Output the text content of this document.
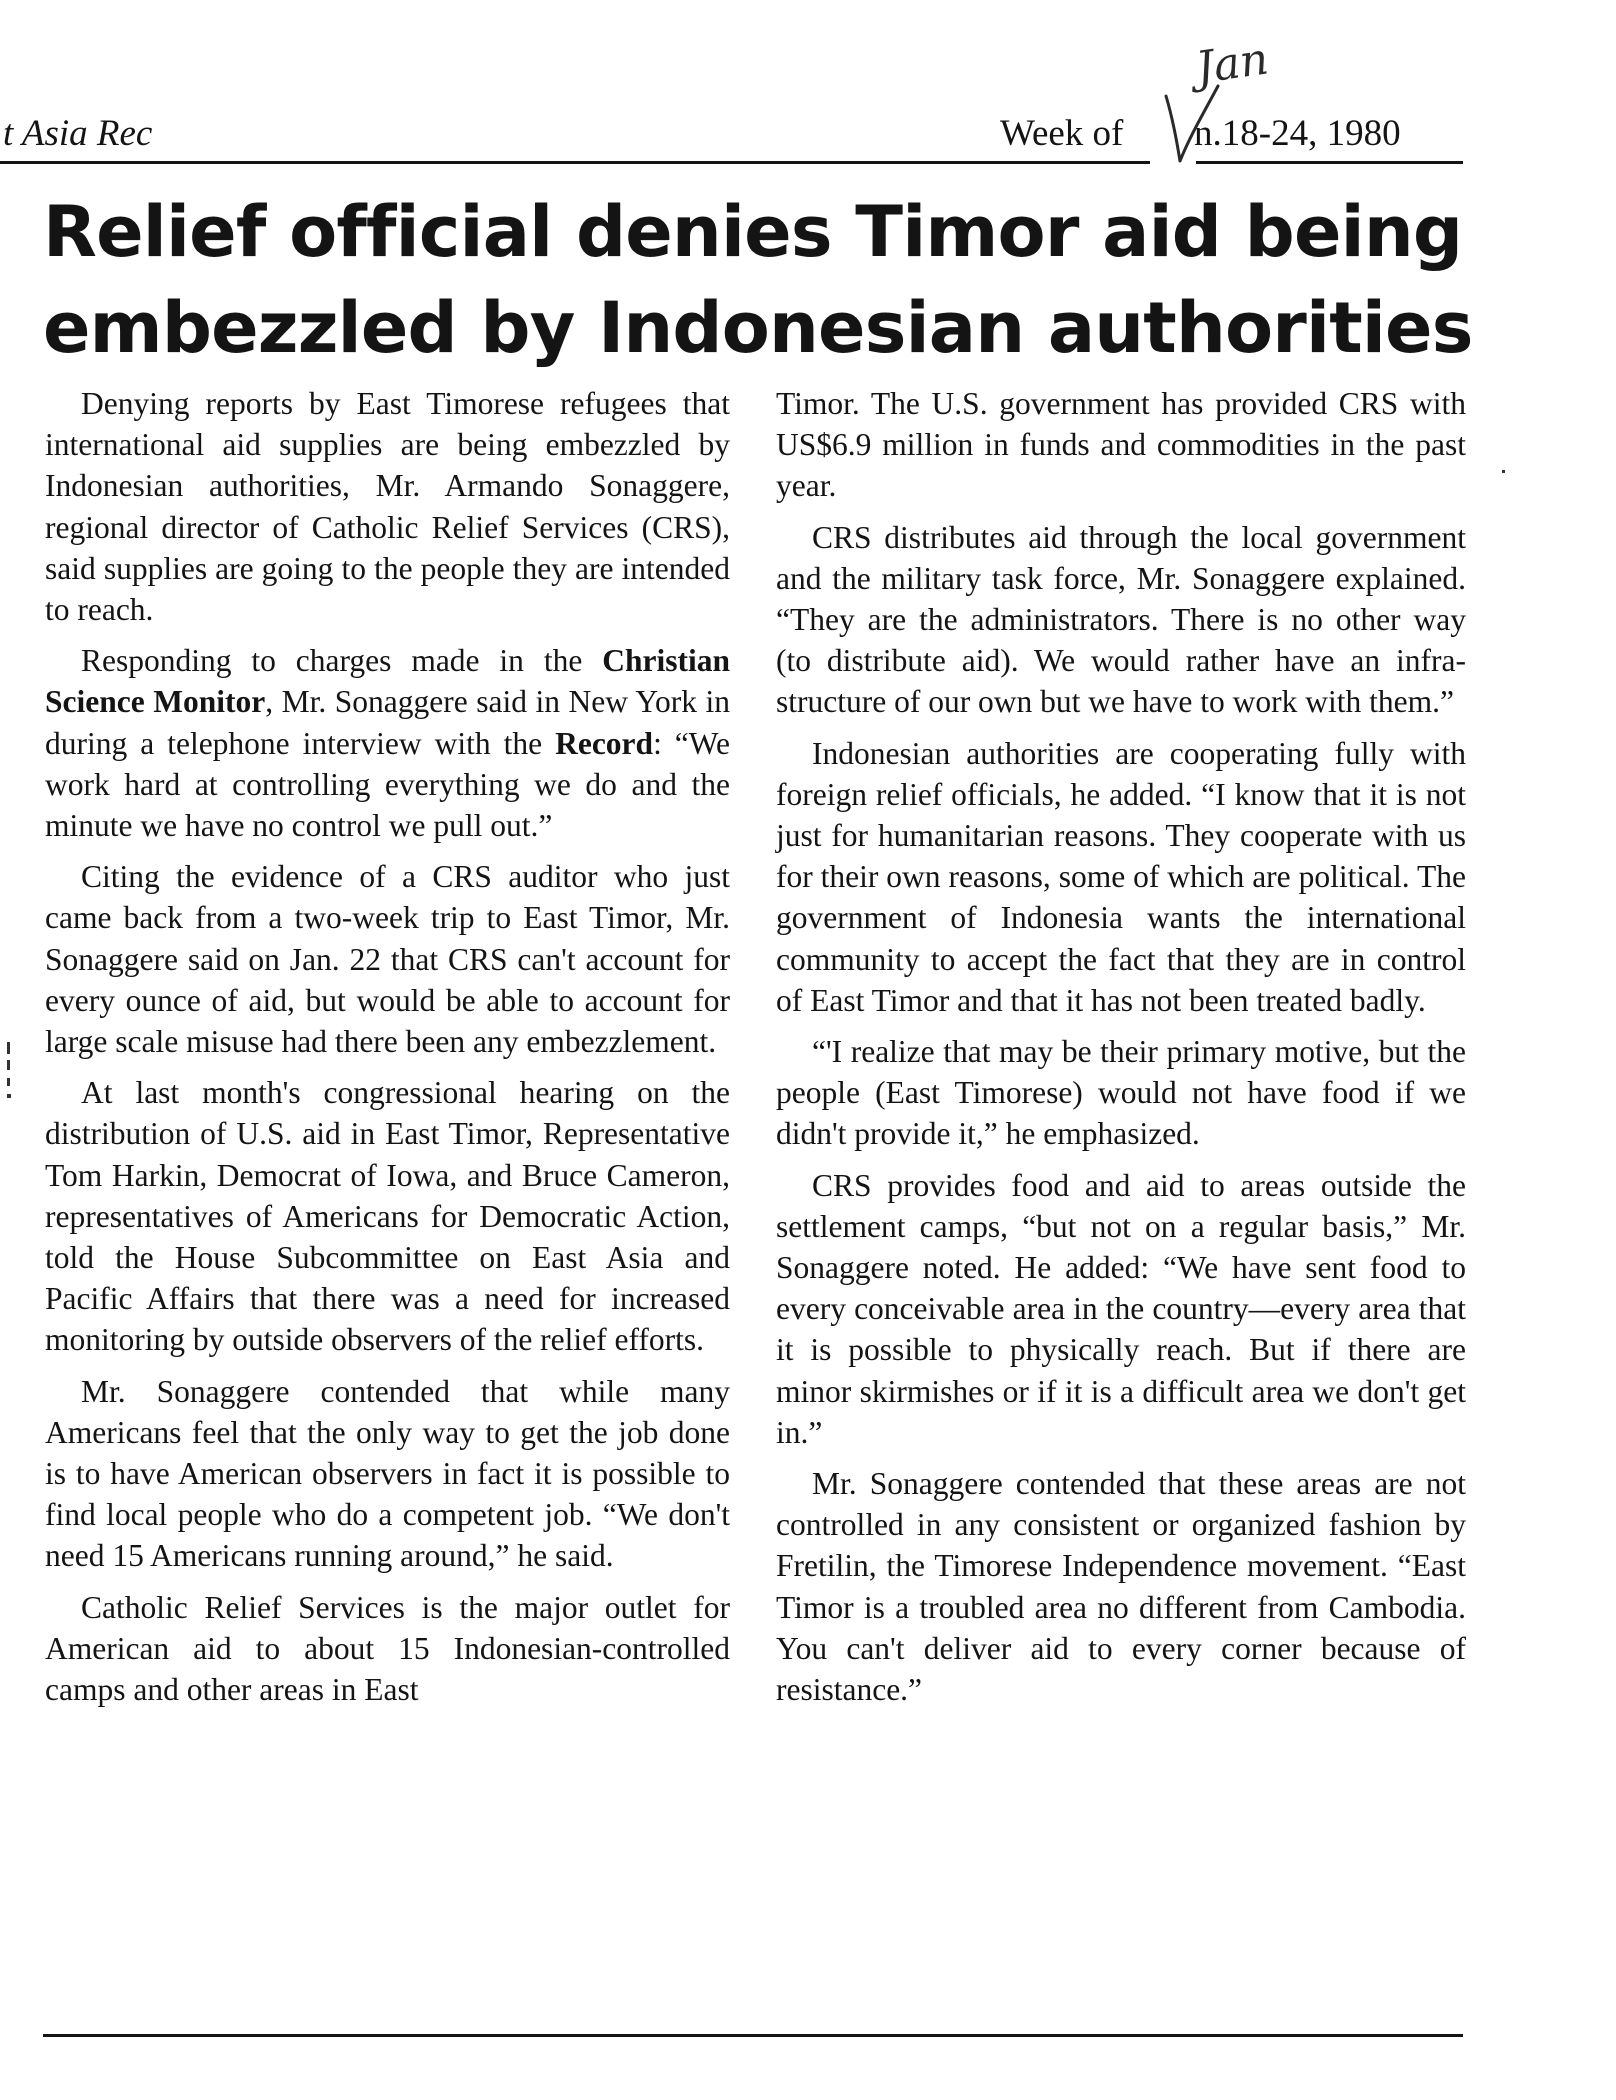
t Asia Rec	Week of n.18-24, 1980
Jan
Relief official denies Timor aid being
embezzled by Indonesian authorities

Denying reports by East Timorese refugees that international aid supplies are being embezzled by Indonesian authorities, Mr. Armando Sonaggere, regional director of Catholic Relief Services (CRS), said supplies are going to the people they are intended to reach.

Responding to charges made in the Christian Science Monitor, Mr. Sonaggere said in New York in during a telephone interview with the Record: “We work hard at controlling everything we do and the minute we have no control we pull out.”

Citing the evidence of a CRS auditor who just came back from a two-week trip to East Timor, Mr. Sonaggere said on Jan. 22 that CRS can't account for every ounce of aid, but would be able to account for large scale misuse had there been any embezzlement.

At last month's congressional hearing on the distribution of U.S. aid in East Timor, Representative Tom Harkin, Democrat of Iowa, and Bruce Cameron, representatives of Americans for Democratic Action, told the House Subcommittee on East Asia and Pacific Affairs that there was a need for increased monitoring by outside observers of the relief efforts.

Mr. Sonaggere contended that while many Americans feel that the only way to get the job done is to have American observers in fact it is possible to find local people who do a competent job. “We don't need 15 Americans running around,” he said.

Catholic Relief Services is the major outlet for American aid to about 15 Indonesian-controlled camps and other areas in East

Timor. The U.S. government has provided CRS with US$6.9 million in funds and commodities in the past year.

CRS distributes aid through the local government and the military task force, Mr. Sonaggere explained. “They are the administrators. There is no other way (to distribute aid). We would rather have an infra-structure of our own but we have to work with them.”

Indonesian authorities are cooperating fully with foreign relief officials, he added. “I know that it is not just for humanitarian reasons. They cooperate with us for their own reasons, some of which are political. The government of Indonesia wants the international community to accept the fact that they are in control of East Timor and that it has not been treated badly.

“'I realize that may be their primary motive, but the people (East Timorese) would not have food if we didn't provide it,” he emphasized.

CRS provides food and aid to areas outside the settlement camps, “but not on a regular basis,” Mr. Sonaggere noted. He added: “We have sent food to every conceivable area in the country—every area that it is possible to physically reach. But if there are minor skirmishes or if it is a difficult area we don't get in.”

Mr. Sonaggere contended that these areas are not controlled in any consistent or organized fashion by Fretilin, the Timorese Independence movement. “East Timor is a troubled area no different from Cambodia. You can't deliver aid to every corner because of resistance.”
